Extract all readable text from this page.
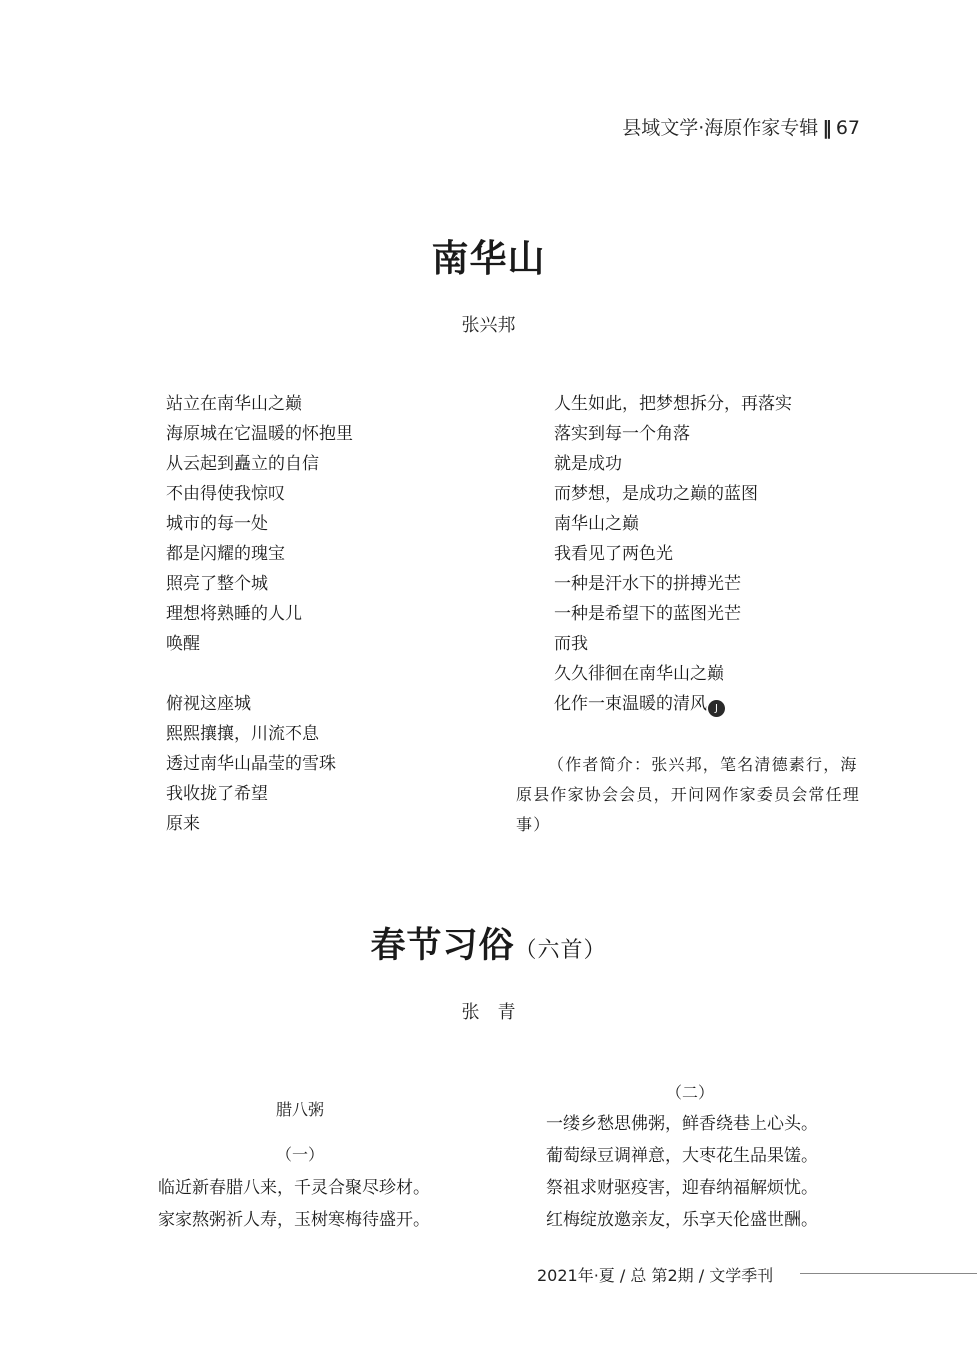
县域文学·海原作家专辑 ‖ 67
南华山
张兴邦
站立在南华山之巅
海原城在它温暖的怀抱里
从云起到矗立的自信
不由得使我惊叹
城市的每一处
都是闪耀的瑰宝
照亮了整个城
理想将熟睡的人儿
唤醒
俯视这座城
熙熙攘攘，川流不息
透过南华山晶莹的雪珠
我收拢了希望
原来
人生如此，把梦想拆分，再落实
落实到每一个角落
就是成功
而梦想，是成功之巅的蓝图
南华山之巅
我看见了两色光
一种是汗水下的拼搏光芒
一种是希望下的蓝图光芒
而我
久久徘徊在南华山之巅
化作一束温暖的清风 J
（作者简介：张兴邦，笔名清德素行，海原县作家协会会员，开问网作家委员会常任理事）
春节习俗（六首）
张青
腊八粥
（一）
临近新春腊八来，千灵合聚尽珍材。
家家熬粥祈人寿，玉树寒梅待盛开。
（二）
一缕乡愁思佛粥，鲜香绕巷上心头。
葡萄绿豆调禅意，大枣花生品果馐。
祭祖求财驱疫害，迎春纳福解烦忧。
红梅绽放邀亲友，乐享天伦盛世酬。
2021年·夏 / 总 第2期 / 文学季刊
